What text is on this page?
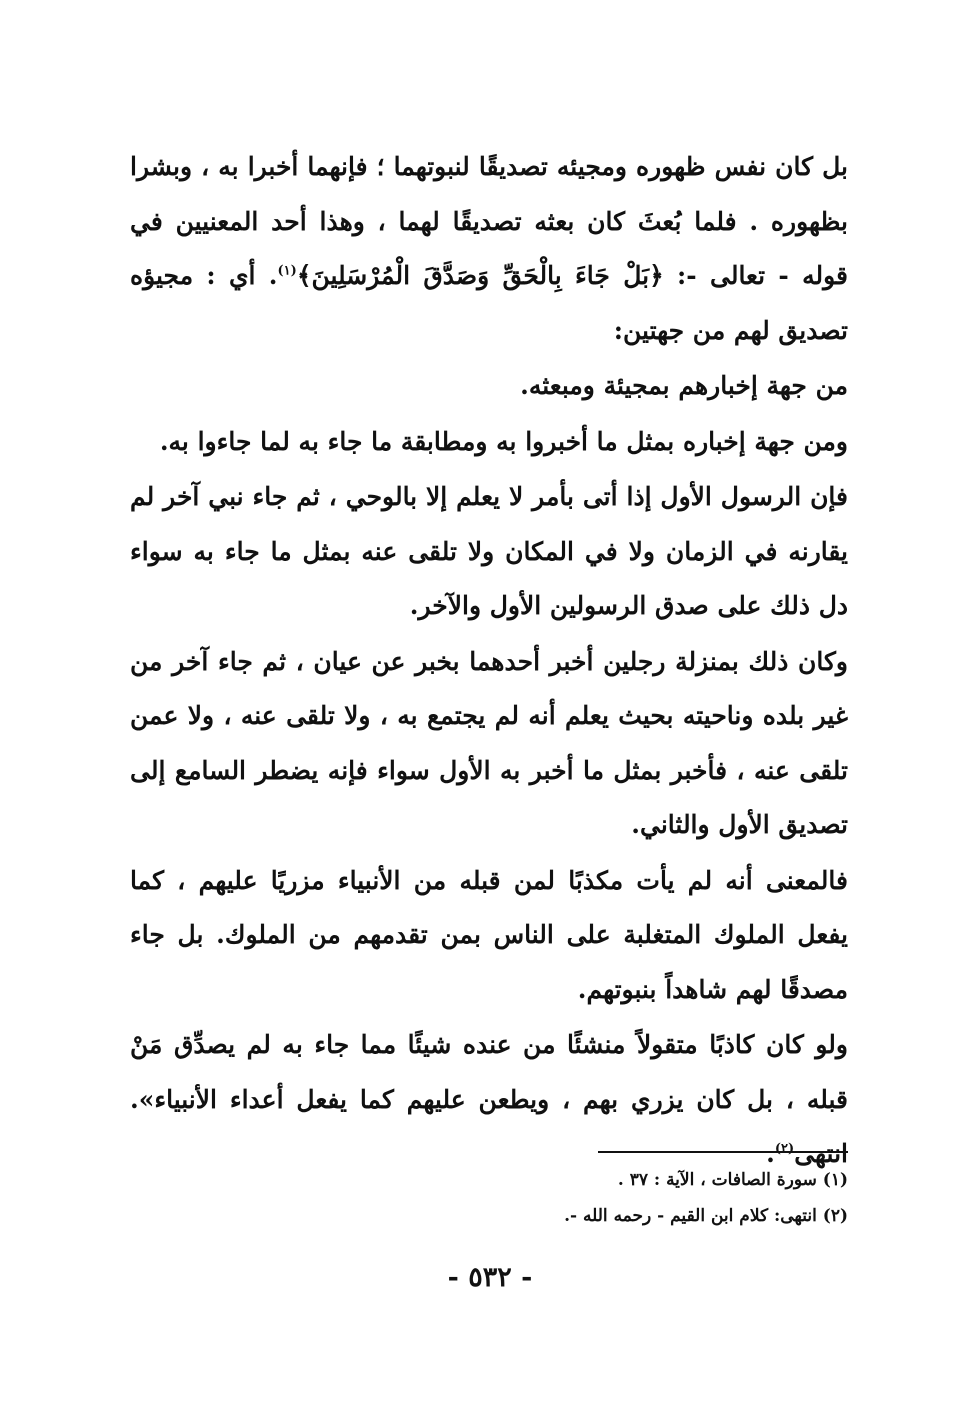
بل كان نفس ظهوره ومجيئه تصديقًا لنبوتهما ؛ فإنهما أخبرا به ، وبشرا بظهوره . فلما بُعثَ كان بعثه تصديقًا لهما ، وهذا أحد المعنيين في قوله - تعالى -: ﴿بَلْ جَاءَ بِالْحَقِّ وَصَدَّقَ الْمُرْسَلِينَ﴾$^{(١)}$. أي : مجيؤه تصديق لهم من جهتين:

من جهة إخبارهم بمجيئة ومبعثه.

ومن جهة إخباره بمثل ما أخبروا به ومطابقة ما جاء به لما جاءوا به.

فإن الرسول الأول إذا أتى بأمر لا يعلم إلا بالوحي ، ثم جاء نبي آخر لم يقارنه في الزمان ولا في المكان ولا تلقى عنه بمثل ما جاء به سواء دل ذلك على صدق الرسولين الأول والآخر.

وكان ذلك بمنزلة رجلين أخبر أحدهما بخبر عن عيان ، ثم جاء آخر من غير بلده وناحيته بحيث يعلم أنه لم يجتمع به ، ولا تلقى عنه ، ولا عمن تلقى عنه ، فأخبر بمثل ما أخبر به الأول سواء فإنه يضطر السامع إلى تصديق الأول والثاني.

فالمعنى أنه لم يأت مكذبًا لمن قبله من الأنبياء مزريًا عليهم ، كما يفعل الملوك المتغلبة على الناس بمن تقدمهم من الملوك. بل جاء مصدقًا لهم شاهداً بنبوتهم.

ولو كان كاذبًا متقولاً منشئًا من عنده شيئًا مما جاء به لم يصدِّق مَنْ قبله ، بل كان يزري بهم ، ويطعن عليهم كما يفعل أعداء الأنبياء». انتهى$^{(٢)}$.

(١) سورة الصافات ، الآية : ٣٧ .

(٢) انتهى: كلام ابن القيم - رحمه الله -.

- ٥٣٢ -
